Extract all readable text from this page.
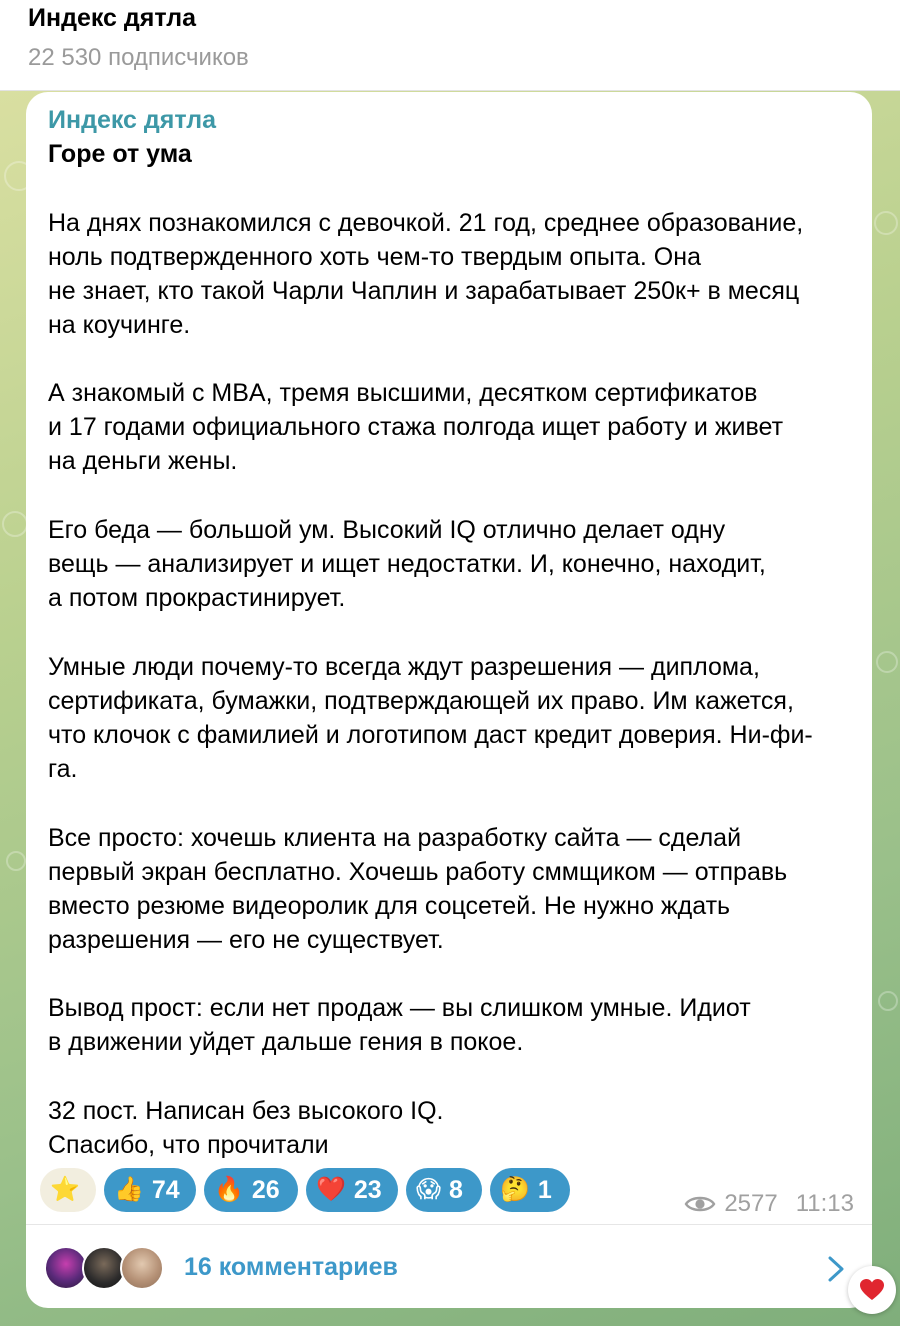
Индекс дятла
22 530 подписчиков
Индекс дятла
Горе от ума

На днях познакомился с девочкой. 21 год, среднее образование,
ноль подтвержденного хоть чем-то твердым опыта. Она
не знает, кто такой Чарли Чаплин и зарабатывает 250к+ в месяц
на коучинге.

А знакомый с MBA, тремя высшими, десятком сертификатов
и 17 годами официального стажа полгода ищет работу и живет
на деньги жены.

Его беда — большой ум. Высокий IQ отлично делает одну
вещь — анализирует и ищет недостатки. И, конечно, находит,
а потом прокрастинирует.

Умные люди почему-то всегда ждут разрешения — диплома,
сертификата, бумажки, подтверждающей их право. Им кажется,
что клочок с фамилией и логотипом даст кредит доверия. Ни-фи-
га.

Все просто: хочешь клиента на разработку сайта — сделай
первый экран бесплатно. Хочешь работу сммщиком — отправь
вместо резюме видеоролик для соцсетей. Не нужно ждать
разрешения — его не существует.

Вывод прост: если нет продаж — вы слишком умные. Идиот
в движении уйдет дальше гения в покое.

32 пост. Написан без высокого IQ.
Спасибо, что прочитали

⭐ 👍 74 🔥 26 ❤️ 23 😱 8 🤔 1	2577 11:13
16 комментариев
